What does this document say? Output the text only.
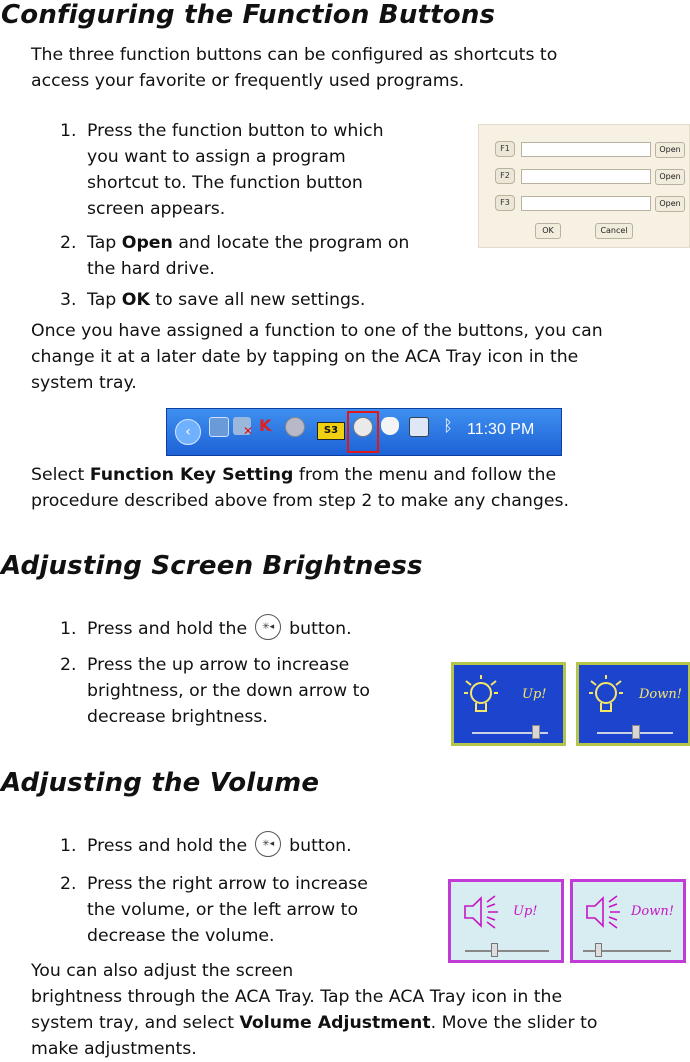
Configuring the Function Buttons

The three function buttons can be configured as shortcuts to
access your favorite or frequently used programs.

1. Press the function button to which
you want to assign a program
shortcut to. The function button
screen appears.
2. Tap Open and locate the program on
the hard drive.
3. Tap OK to save all new settings.
F1	Open
F2	Open
F3	Open
OK	Cancel

Once you have assigned a function to one of the buttons, you can
change it at a later date by tapping on the ACA Tray icon in the
system tray.

‹	✕ K	S3	ᛒ 11:30 PM

Select Function Key Setting from the menu and follow the
procedure described above from step 2 to make any changes.

Adjusting Screen Brightness
1. Press and hold the ✳◂ button.
2. Press the up arrow to increase
brightness, or the down arrow to
decrease brightness.
Up!	Down!
Adjusting the Volume
1. Press and hold the ✳◂ button.
2. Press the right arrow to increase
the volume, or the left arrow to
decrease the volume.
Up!	Down!

You can also adjust the screen
brightness through the ACA Tray. Tap the ACA Tray icon in the
system tray, and select Volume Adjustment. Move the slider to
make adjustments.
